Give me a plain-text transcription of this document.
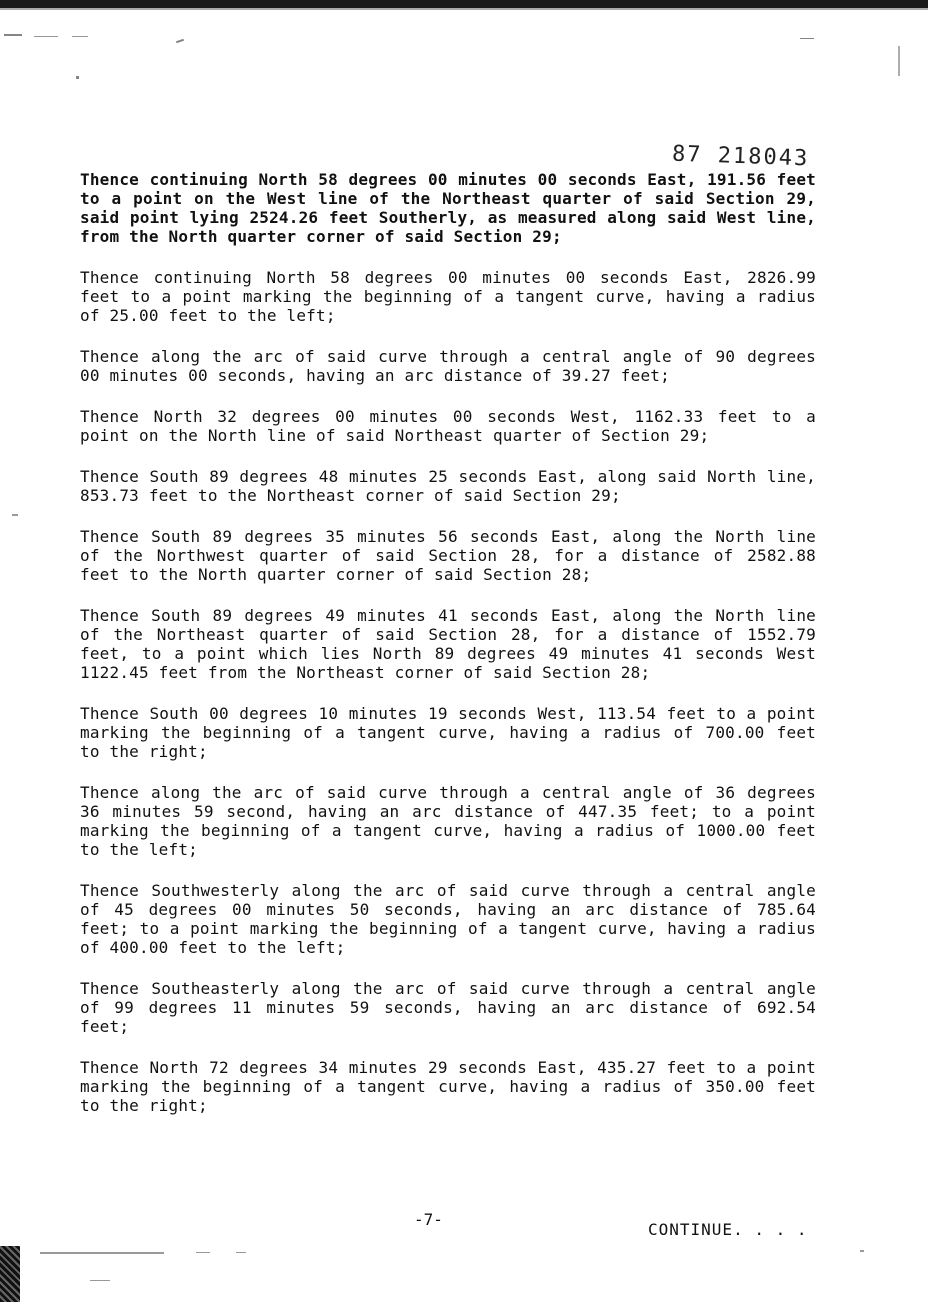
87 218043

Thence continuing North 58 degrees 00 minutes 00 seconds East, 191.56 feet to a point on the West line of the Northeast quarter of said Section 29, said point lying 2524.26 feet Southerly, as measured along said West line, from the North quarter corner of said Section 29;

Thence continuing North 58 degrees 00 minutes 00 seconds East, 2826.99 feet to a point marking the beginning of a tangent curve, having a radius of 25.00 feet to the left;

Thence along the arc of said curve through a central angle of 90 degrees 00 minutes 00 seconds, having an arc distance of 39.27 feet;

Thence North 32 degrees 00 minutes 00 seconds West, 1162.33 feet to a point on the North line of said Northeast quarter of Section 29;

Thence South 89 degrees 48 minutes 25 seconds East, along said North line, 853.73 feet to the Northeast corner of said Section 29;

Thence South 89 degrees 35 minutes 56 seconds East, along the North line of the Northwest quarter of said Section 28, for a distance of 2582.88 feet to the North quarter corner of said Section 28;

Thence South 89 degrees 49 minutes 41 seconds East, along the North line of the Northeast quarter of said Section 28, for a distance of 1552.79 feet, to a point which lies North 89 degrees 49 minutes 41 seconds West 1122.45 feet from the Northeast corner of said Section 28;

Thence South 00 degrees 10 minutes 19 seconds West, 113.54 feet to a point marking the beginning of a tangent curve, having a radius of 700.00 feet to the right;

Thence along the arc of said curve through a central angle of 36 degrees 36 minutes 59 second, having an arc distance of 447.35 feet; to a point marking the beginning of a tangent curve, having a radius of 1000.00 feet to the left;

Thence Southwesterly along the arc of said curve through a central angle of 45 degrees 00 minutes 50 seconds, having an arc distance of 785.64 feet; to a point marking the beginning of a tangent curve, having a radius of 400.00 feet to the left;

Thence Southeasterly along the arc of said curve through a central angle of 99 degrees 11 minutes 59 seconds, having an arc distance of 692.54 feet;

Thence North 72 degrees 34 minutes 29 seconds East, 435.27 feet to a point marking the beginning of a tangent curve, having a radius of 350.00 feet to the right;

-7-
CONTINUE. . . .
